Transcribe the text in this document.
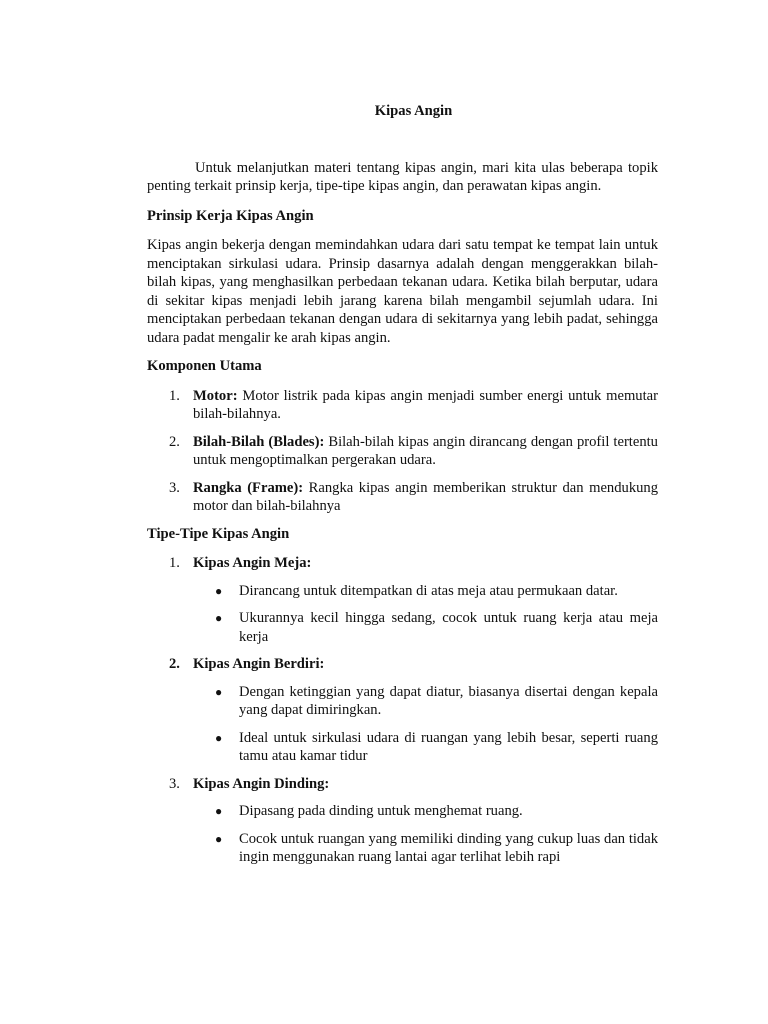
Kipas Angin

Untuk melanjutkan materi tentang kipas angin, mari kita ulas beberapa topik penting terkait prinsip kerja, tipe-tipe kipas angin, dan perawatan kipas angin.

Prinsip Kerja Kipas Angin

Kipas angin bekerja dengan memindahkan udara dari satu tempat ke tempat lain untuk menciptakan sirkulasi udara. Prinsip dasarnya adalah dengan menggerakkan bilah-bilah kipas, yang menghasilkan perbedaan tekanan udara. Ketika bilah berputar, udara di sekitar kipas menjadi lebih jarang karena bilah mengambil sejumlah udara. Ini menciptakan perbedaan tekanan dengan udara di sekitarnya yang lebih padat, sehingga udara padat mengalir ke arah kipas angin.

Komponen Utama
1. Motor: Motor listrik pada kipas angin menjadi sumber energi untuk memutar bilah-bilahnya.
2. Bilah-Bilah (Blades): Bilah-bilah kipas angin dirancang dengan profil tertentu untuk mengoptimalkan pergerakan udara.
3. Rangka (Frame): Rangka kipas angin memberikan struktur dan mendukung motor dan bilah-bilahnya
Tipe-Tipe Kipas Angin
1. Kipas Angin Meja:
● Dirancang untuk ditempatkan di atas meja atau permukaan datar.
● Ukurannya kecil hingga sedang, cocok untuk ruang kerja atau meja kerja
2. Kipas Angin Berdiri:
● Dengan ketinggian yang dapat diatur, biasanya disertai dengan kepala yang dapat dimiringkan.
● Ideal untuk sirkulasi udara di ruangan yang lebih besar, seperti ruang tamu atau kamar tidur
3. Kipas Angin Dinding:
● Dipasang pada dinding untuk menghemat ruang.
● Cocok untuk ruangan yang memiliki dinding yang cukup luas dan tidak ingin menggunakan ruang lantai agar terlihat lebih rapi
